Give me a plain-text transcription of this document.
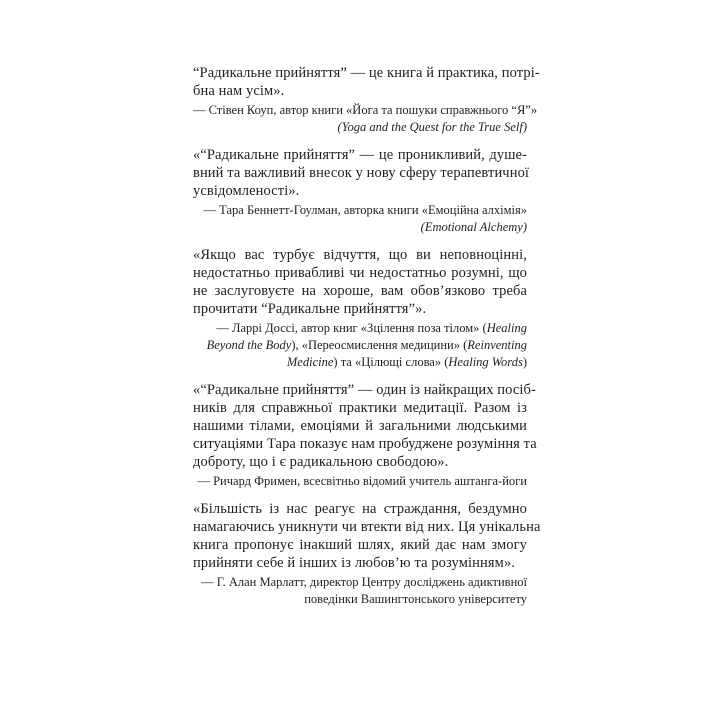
“Радикальне прийняття” — це книга й практика, потрі-
бна нам усім».
— Стівен Коуп, автор книги «Йога та пошуки справжнього “Я”»
(Yoga and the Quest for the True Self)
«“Радикальне прийняття” — це проникливий, душе-
вний та важливий внесок у нову сферу терапевтичної
усвідомленості».
— Тара Беннетт-Гоулман, авторка книги «Емоційна алхімія»
(Emotional Alchemy)
«Якщо вас турбує відчуття, що ви неповноцінні,
недостатньо привабливі чи недостатньо розумні, що
не заслуговуєте на хороше, вам обов’язково треба
прочитати “Радикальне прийняття”».
— Ларрі Доссі, автор книг «Зцілення поза тілом» (Healing
Beyond the Body), «Переосмислення медицини» (Reinventing
Medicine) та «Цілющі слова» (Healing Words)
«“Радикальне прийняття” — один із найкращих посіб-
ників для справжньої практики медитації. Разом із
нашими тілами, емоціями й загальними людськими
ситуаціями Тара показує нам пробуджене розуміння та
доброту, що і є радикальною свободою».
— Ричард Фримен, всесвітньо відомий учитель аштанга-йоги
«Більшість із нас реагує на страждання, бездумно
намагаючись уникнути чи втекти від них. Ця унікальна
книга пропонує інакший шлях, який дає нам змогу
прийняти себе й інших із любов’ю та розумінням».
— Г. Алан Марлатт, директор Центру досліджень адиктивної
поведінки Вашингтонського університету
